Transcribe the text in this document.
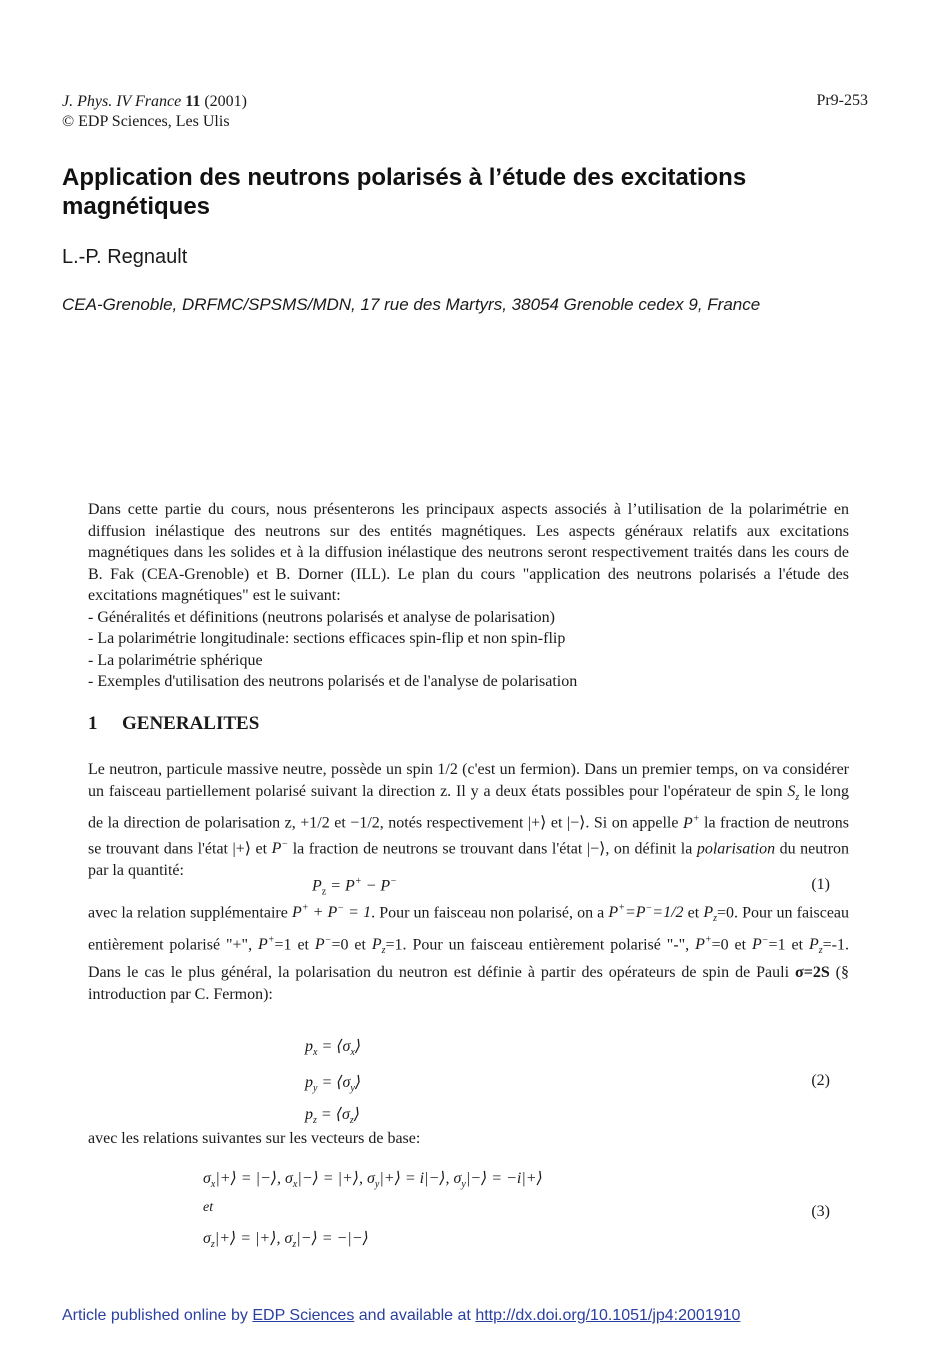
J. Phys. IV France 11 (2001)
© EDP Sciences, Les Ulis
Pr9-253
Application des neutrons polarisés à l’étude des excitations magnétiques
L.-P. Regnault
CEA-Grenoble, DRFMC/SPSMS/MDN, 17 rue des Martyrs, 38054 Grenoble cedex 9, France

Dans cette partie du cours, nous présenterons les principaux aspects associés à l’utilisation de la polarimétrie en diffusion inélastique des neutrons sur des entités magnétiques. Les aspects généraux relatifs aux excitations magnétiques dans les solides et à la diffusion inélastique des neutrons seront respectivement traités dans les cours de B. Fak (CEA-Grenoble) et B. Dorner (ILL). Le plan du cours "application des neutrons polarisés a l'étude des excitations magnétiques" est le suivant:

- Généralités et définitions (neutrons polarisés et analyse de polarisation)
- La polarimétrie longitudinale: sections efficaces spin-flip et non spin-flip
- La polarimétrie sphérique
- Exemples d'utilisation des neutrons polarisés et de l'analyse de polarisation
1 GENERALITES

Le neutron, particule massive neutre, possède un spin 1/2 (c'est un fermion). Dans un premier temps, on va considérer un faisceau partiellement polarisé suivant la direction z. Il y a deux états possibles pour l'opérateur de spin $S_z$ le long de la direction de polarisation z, +1/2 et −1/2, notés respectivement |+⟩ et |−⟩. Si on appelle P+ la fraction de neutrons se trouvant dans l'état |+⟩ et P− la fraction de neutrons se trouvant dans l'état |−⟩, on définit la polarisation du neutron par la quantité:

$P_z = P^+ - P^-$	(1)

avec la relation supplémentaire P+ + P− = 1. Pour un faisceau non polarisé, on a P+=P−=1/2 et $P_z=0$. Pour un faisceau entièrement polarisé "+", P+=1 et P−=0 et $P_z=1$. Pour un faisceau entièrement polarisé "-", P+=0 et P−=1 et $P_z=-1$. Dans le cas le plus général, la polarisation du neutron est définie à partir des opérateurs de spin de Pauli σ=2S (§ introduction par C. Fermon):

$p_x$ = $⟨\sigma_x⟩$
$p_y$ = $⟨\sigma_y⟩$
$p_z$ = $⟨\sigma_z⟩$
(2)
avec les relations suivantes sur les vecteurs de base:
$\sigma_x|+⟩$ = |−⟩, $\sigma_x|-⟩$ = |+⟩, $\sigma_y|+⟩$ = i|−⟩, $\sigma_y|-⟩$ = −i|+⟩
et
$\sigma_z|+⟩$ = |+⟩, $\sigma_z|-⟩$ = −|−⟩
(3)
Article published online by EDP Sciences and available at http://dx.doi.org/10.1051/jp4:2001910
